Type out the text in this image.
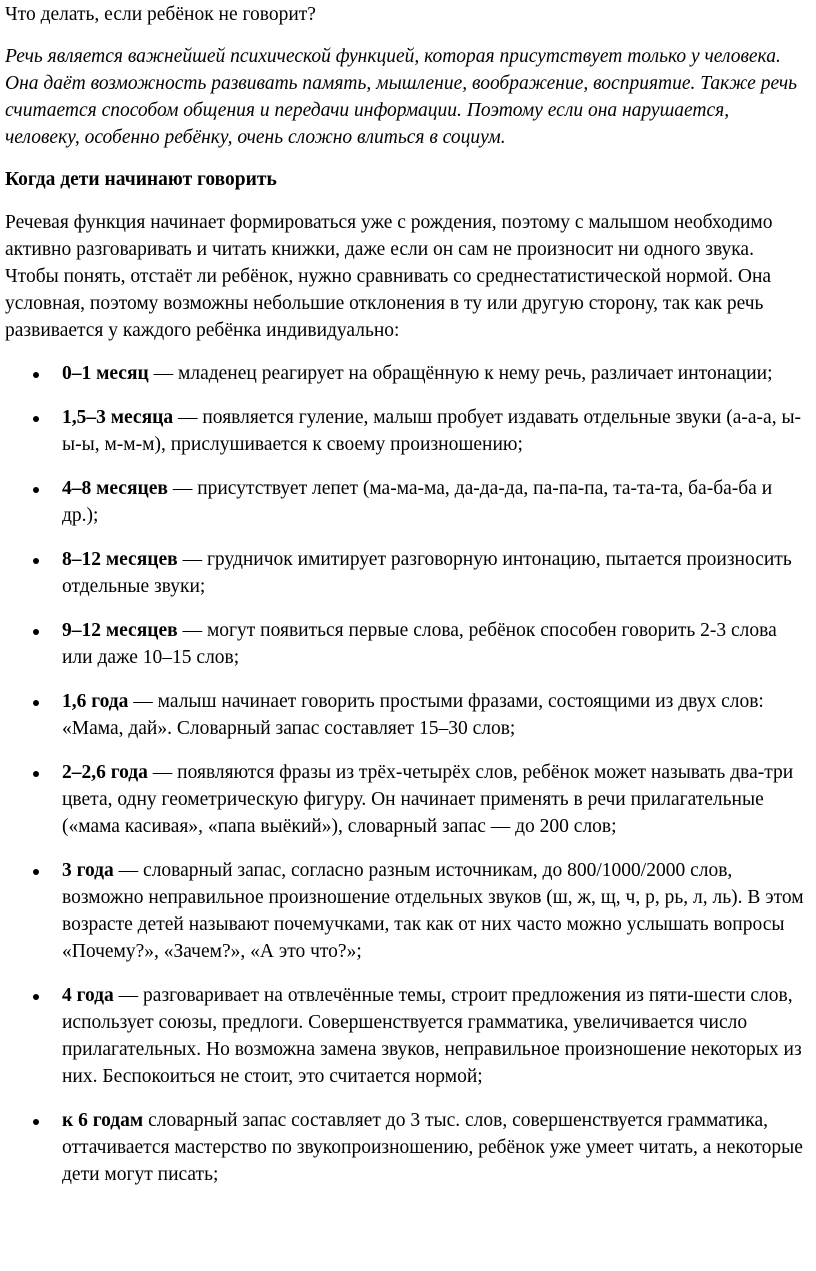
Что делать, если ребёнок не говорит?

Речь является важнейшей психической функцией, которая присутствует только у человека. Она даёт возможность развивать память, мышление, воображение, восприятие. Также речь считается способом общения и передачи информации. Поэтому если она нарушается, человеку, особенно ребёнку, очень сложно влиться в социум.

Когда дети начинают говорить

Речевая функция начинает формироваться уже с рождения, поэтому с малышом необходимо активно разговаривать и читать книжки, даже если он сам не произносит ни одного звука. Чтобы понять, отстаёт ли ребёнок, нужно сравнивать со среднестатистической нормой. Она условная, поэтому возможны небольшие отклонения в ту или другую сторону, так как речь развивается у каждого ребёнка индивидуально:

0–1 месяц — младенец реагирует на обращённую к нему речь, различает интонации;
1,5–3 месяца — появляется гуление, малыш пробует издавать отдельные звуки (а-а-а, ы-ы-ы, м-м-м), прислушивается к своему произношению;
4–8 месяцев — присутствует лепет (ма-ма-ма, да-да-да, па-па-па, та-та-та, ба-ба-ба и др.);
8–12 месяцев — грудничок имитирует разговорную интонацию, пытается произносить отдельные звуки;
9–12 месяцев — могут появиться первые слова, ребёнок способен говорить 2-3 слова или даже 10–15 слов;
1,6 года — малыш начинает говорить простыми фразами, состоящими из двух слов: «Мама, дай». Словарный запас составляет 15–30 слов;
2–2,6 года — появляются фразы из трёх-четырёх слов, ребёнок может называть два-три цвета, одну геометрическую фигуру. Он начинает применять в речи прилагательные («мама касивая», «папа выёкий»), словарный запас — до 200 слов;
3 года — словарный запас, согласно разным источникам, до 800/1000/2000 слов, возможно неправильное произношение отдельных звуков (ш, ж, щ, ч, р, рь, л, ль). В этом возрасте детей называют почемучками, так как от них часто можно услышать вопросы «Почему?», «Зачем?», «А это что?»;
4 года — разговаривает на отвлечённые темы, строит предложения из пяти-шести слов, использует союзы, предлоги. Совершенствуется грамматика, увеличивается число прилагательных. Но возможна замена звуков, неправильное произношение некоторых из них. Беспокоиться не стоит, это считается нормой;
к 6 годам словарный запас составляет до 3 тыс. слов, совершенствуется грамматика, оттачивается мастерство по звукопроизношению, ребёнок уже умеет читать, а некоторые дети могут писать;
